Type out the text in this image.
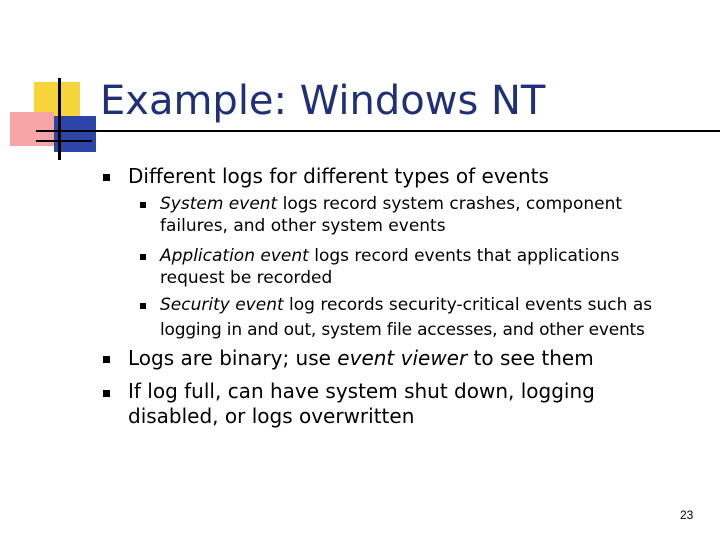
Example: Windows NT
Different logs for different types of events
System event logs record system crashes, component
failures, and other system events
Application event logs record events that applications
request be recorded
Security event log records security-critical events such as
logging in and out, system file accesses, and other events
Logs are binary; use event viewer to see them
If log full, can have system shut down, logging
disabled, or logs overwritten
23
